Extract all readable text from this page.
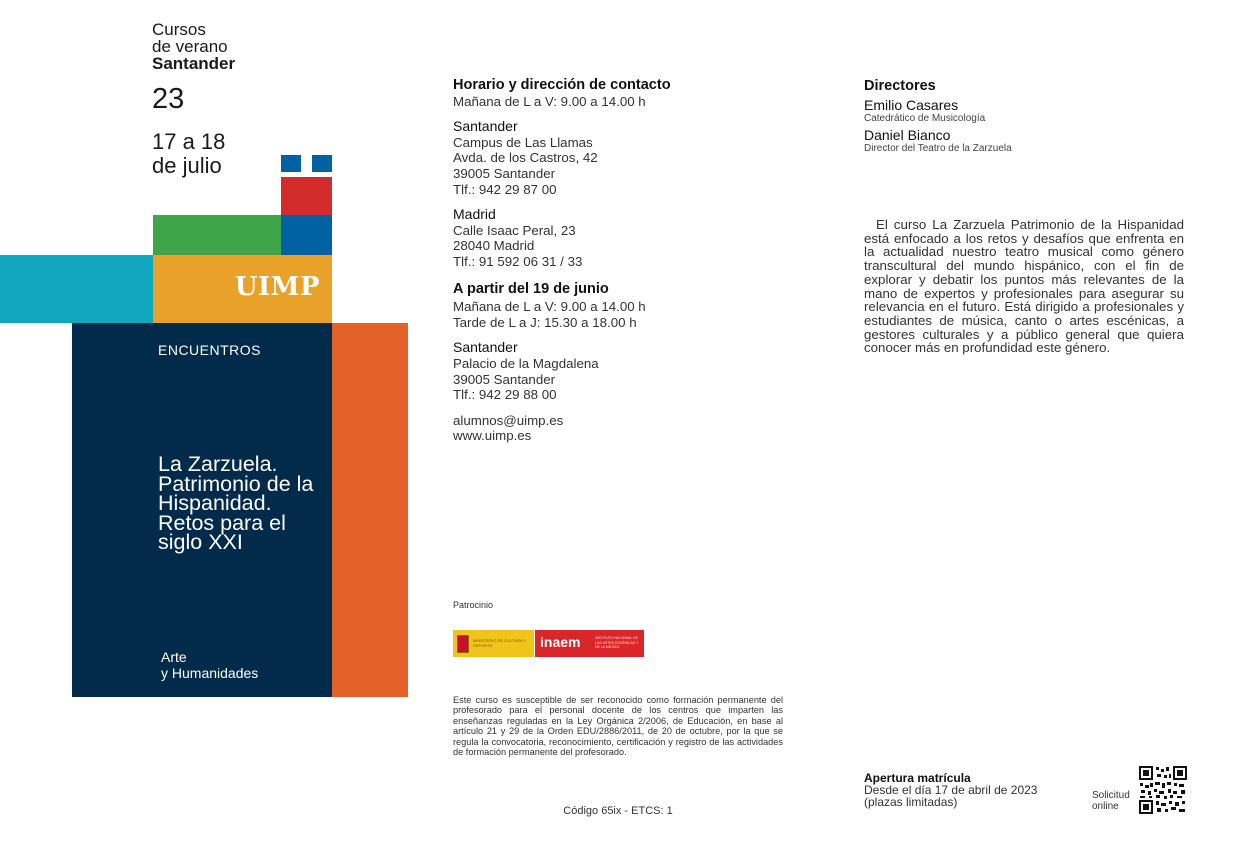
Cursos
de verano
Santander
23
17 a 18
de julio
UIMP
ENCUENTROS
La Zarzuela. Patrimonio de la Hispanidad. Retos para el siglo XXI
Arte
y Humanidades
Horario y dirección de contacto
Mañana de L a V: 9.00 a 14.00 h
Santander
Campus de Las Llamas
Avda. de los Castros, 42
39005 Santander
Tlf.: 942 29 87 00
Madrid
Calle Isaac Peral, 23
28040 Madrid
Tlf.: 91 592 06 31 / 33
A partir del 19 de junio
Mañana de L a V: 9.00 a 14.00 h
Tarde de L a J: 15.30 a 18.00 h
Santander
Palacio de la Magdalena
39005 Santander
Tlf.: 942 29 88 00
alumnos@uimp.es
www.uimp.es
Patrocinio
MINISTERIO DE CULTURA Y DEPORTE	inaem	INSTITUTO NACIONAL DE LAS ARTES ESCÉNICAS Y DE LA MÚSICA
Este curso es susceptible de ser reconocido como formación permanente del profesorado para el personal docente de los centros que imparten las enseñanzas reguladas en la Ley Orgánica 2/2006, de Educación, en base al artículo 21 y 29 de la Orden EDU/2886/2011, de 20 de octubre, por la que se regula la convocatoria, reconocimiento, certificación y registro de las actividades de formación permanente del profesorado.
Código 65ix - ETCS: 1
Directores
Emilio Casares
Catedrático de Musicología
Daniel Bianco
Director del Teatro de la Zarzuela
El curso La Zarzuela Patrimonio de la Hispanidad está enfocado a los retos y desafíos que enfrenta en la actualidad nuestro teatro musical como género transcultural del mundo hispánico, con el fin de explorar y debatir los puntos más relevantes de la mano de expertos y profesionales para asegurar su relevancia en el futuro. Está dirigido a profesionales y estudiantes de música, canto o artes escénicas, a gestores culturales y a público general que quiera conocer más en profundidad este género.
Apertura matrícula
Desde el día 17 de abril de 2023
(plazas limitadas)	Solicitud
online
